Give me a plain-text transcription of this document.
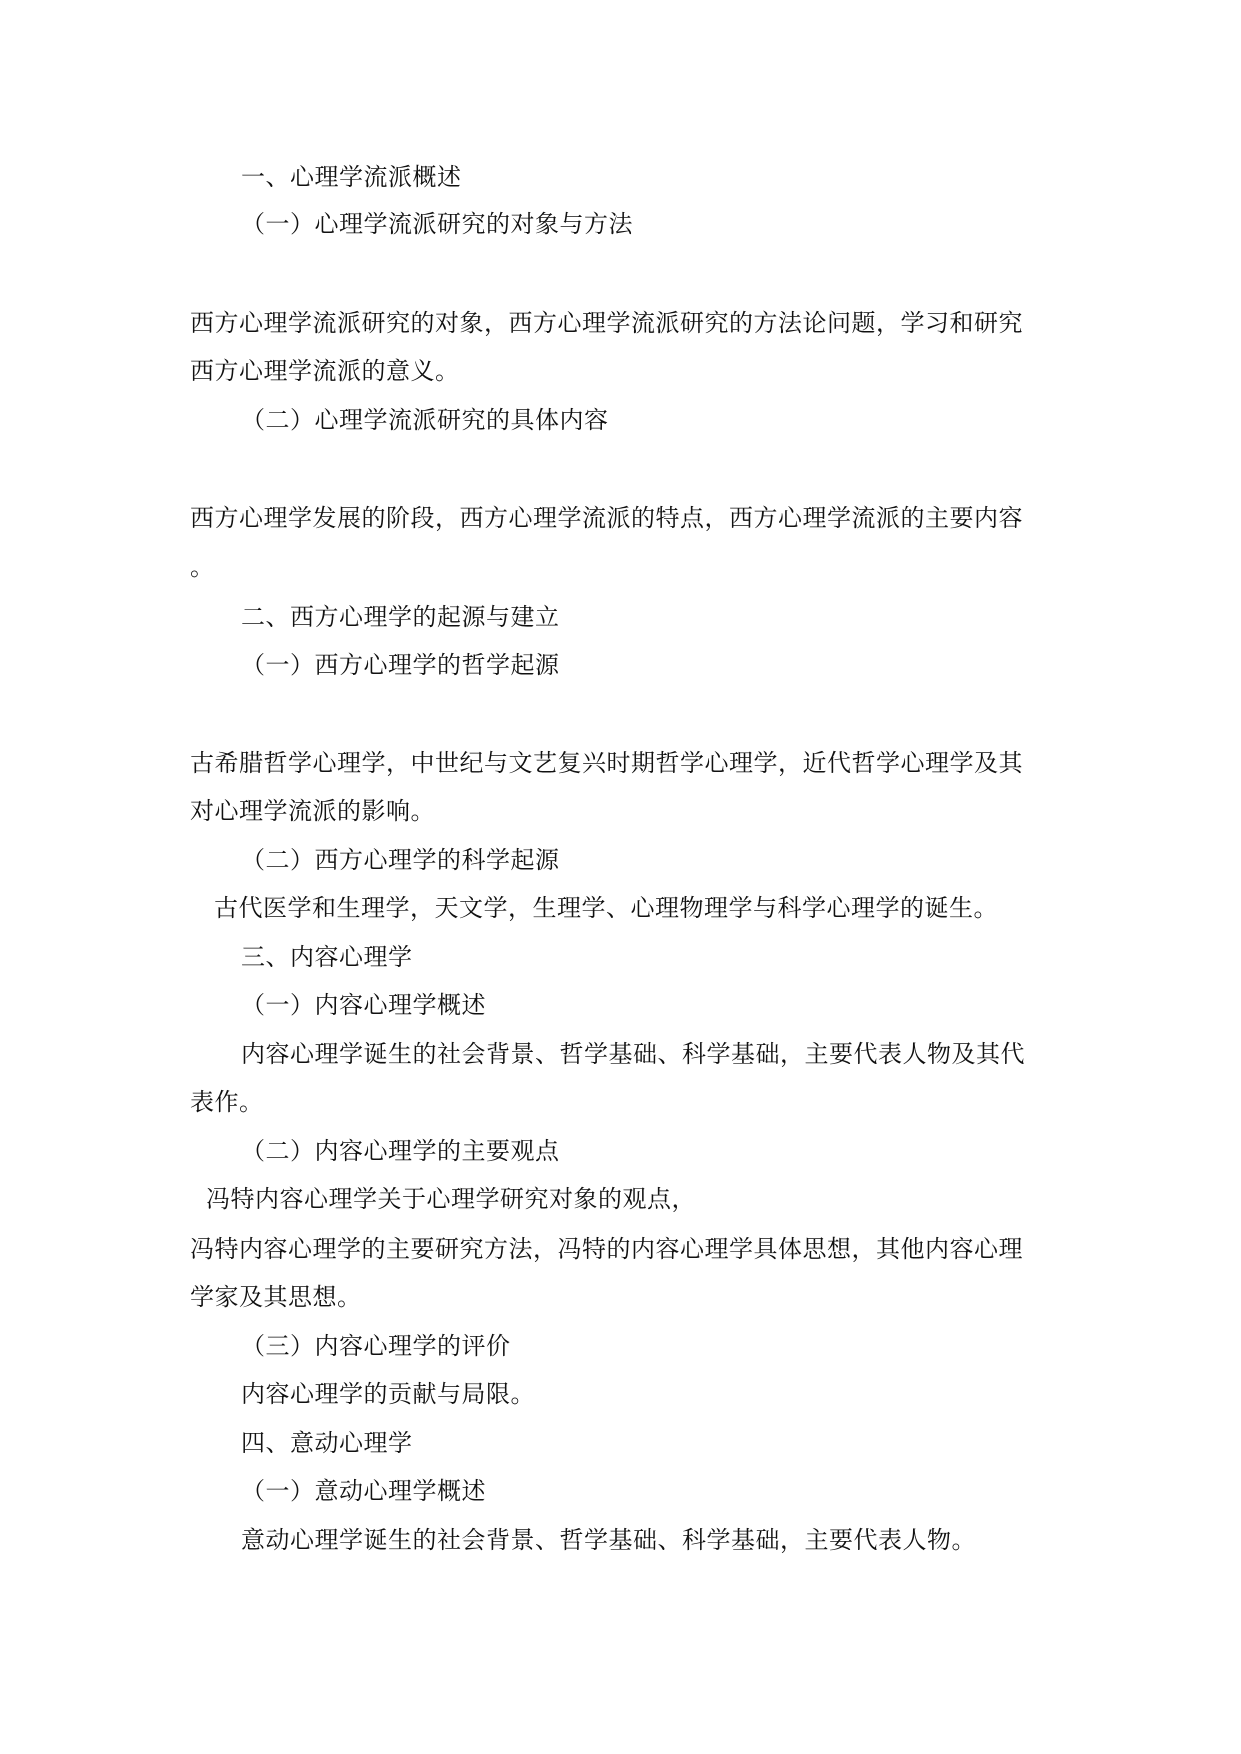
一、心理学流派概述
（一）心理学流派研究的对象与方法
西方心理学流派研究的对象，西方心理学流派研究的方法论问题，学习和研究
西方心理学流派的意义。
（二）心理学流派研究的具体内容
西方心理学发展的阶段，西方心理学流派的特点，西方心理学流派的主要内容
。
二、西方心理学的起源与建立
（一）西方心理学的哲学起源
古希腊哲学心理学，中世纪与文艺复兴时期哲学心理学，近代哲学心理学及其
对心理学流派的影响。
（二）西方心理学的科学起源
古代医学和生理学，天文学，生理学、心理物理学与科学心理学的诞生。
三、内容心理学
（一）内容心理学概述
内容心理学诞生的社会背景、哲学基础、科学基础，主要代表人物及其代
表作。
（二）内容心理学的主要观点
冯特内容心理学关于心理学研究对象的观点，
冯特内容心理学的主要研究方法，冯特的内容心理学具体思想，其他内容心理
学家及其思想。
（三）内容心理学的评价
内容心理学的贡献与局限。
四、意动心理学
（一）意动心理学概述
意动心理学诞生的社会背景、哲学基础、科学基础，主要代表人物。
